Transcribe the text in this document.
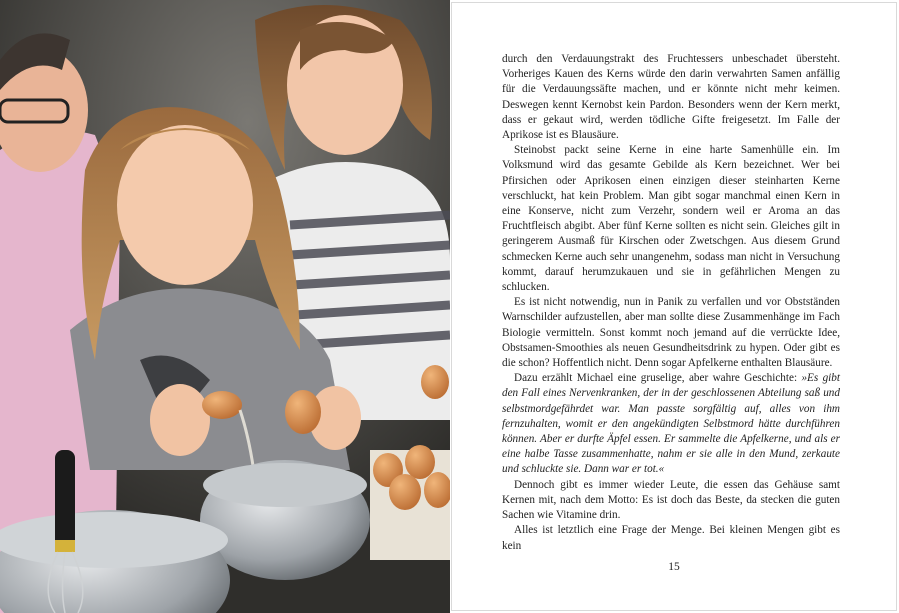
durch den Verdauungstrakt des Fruchtessers unbeschadet übersteht. Vorheriges Kauen des Kerns würde den darin verwahrten Samen anfällig für die Verdauungssäfte machen, und er könnte nicht mehr keimen. Deswegen kennt Kernobst kein Pardon. Besonders wenn der Kern merkt, dass er gekaut wird, werden tödliche Gifte freigesetzt. Im Falle der Aprikose ist es Blausäure.

Steinobst packt seine Kerne in eine harte Samenhülle ein. Im Volksmund wird das gesamte Gebilde als Kern bezeichnet. Wer bei Pfirsichen oder Aprikosen einen einzigen dieser steinharten Kerne verschluckt, hat kein Problem. Man gibt sogar manchmal einen Kern in eine Konserve, nicht zum Verzehr, sondern weil er Aroma an das Fruchtfleisch abgibt. Aber fünf Kerne sollten es nicht sein. Gleiches gilt in geringerem Ausmaß für Kirschen oder Zwetschgen. Aus diesem Grund schmecken Kerne auch sehr unangenehm, sodass man nicht in Versuchung kommt, darauf herumzukauen und sie in gefährlichen Mengen zu schlucken.

Es ist nicht notwendig, nun in Panik zu verfallen und vor Obstständen Warnschilder aufzustellen, aber man sollte diese Zusammenhänge im Fach Biologie vermitteln. Sonst kommt noch jemand auf die verrückte Idee, Obstsamen-Smoothies als neuen Gesundheitsdrink zu hypen. Oder gibt es die schon? Hoffentlich nicht. Denn sogar Apfelkerne enthalten Blausäure.

Dazu erzählt Michael eine gruselige, aber wahre Geschichte: »Es gibt den Fall eines Nervenkranken, der in der geschlossenen Abteilung saß und selbstmordgefährdet war. Man passte sorgfältig auf, alles von ihm fernzuhalten, womit er den angekündigten Selbstmord hätte durchführen können. Aber er durfte Äpfel essen. Er sammelte die Apfelkerne, und als er eine halbe Tasse zusammenhatte, nahm er sie alle in den Mund, zerkaute und schluckte sie. Dann war er tot.«

Dennoch gibt es immer wieder Leute, die essen das Gehäuse samt Kernen mit, nach dem Motto: Es ist doch das Beste, da stecken die guten Sachen wie Vitamine drin.

Alles ist letztlich eine Frage der Menge. Bei kleinen Mengen gibt es kein

15
